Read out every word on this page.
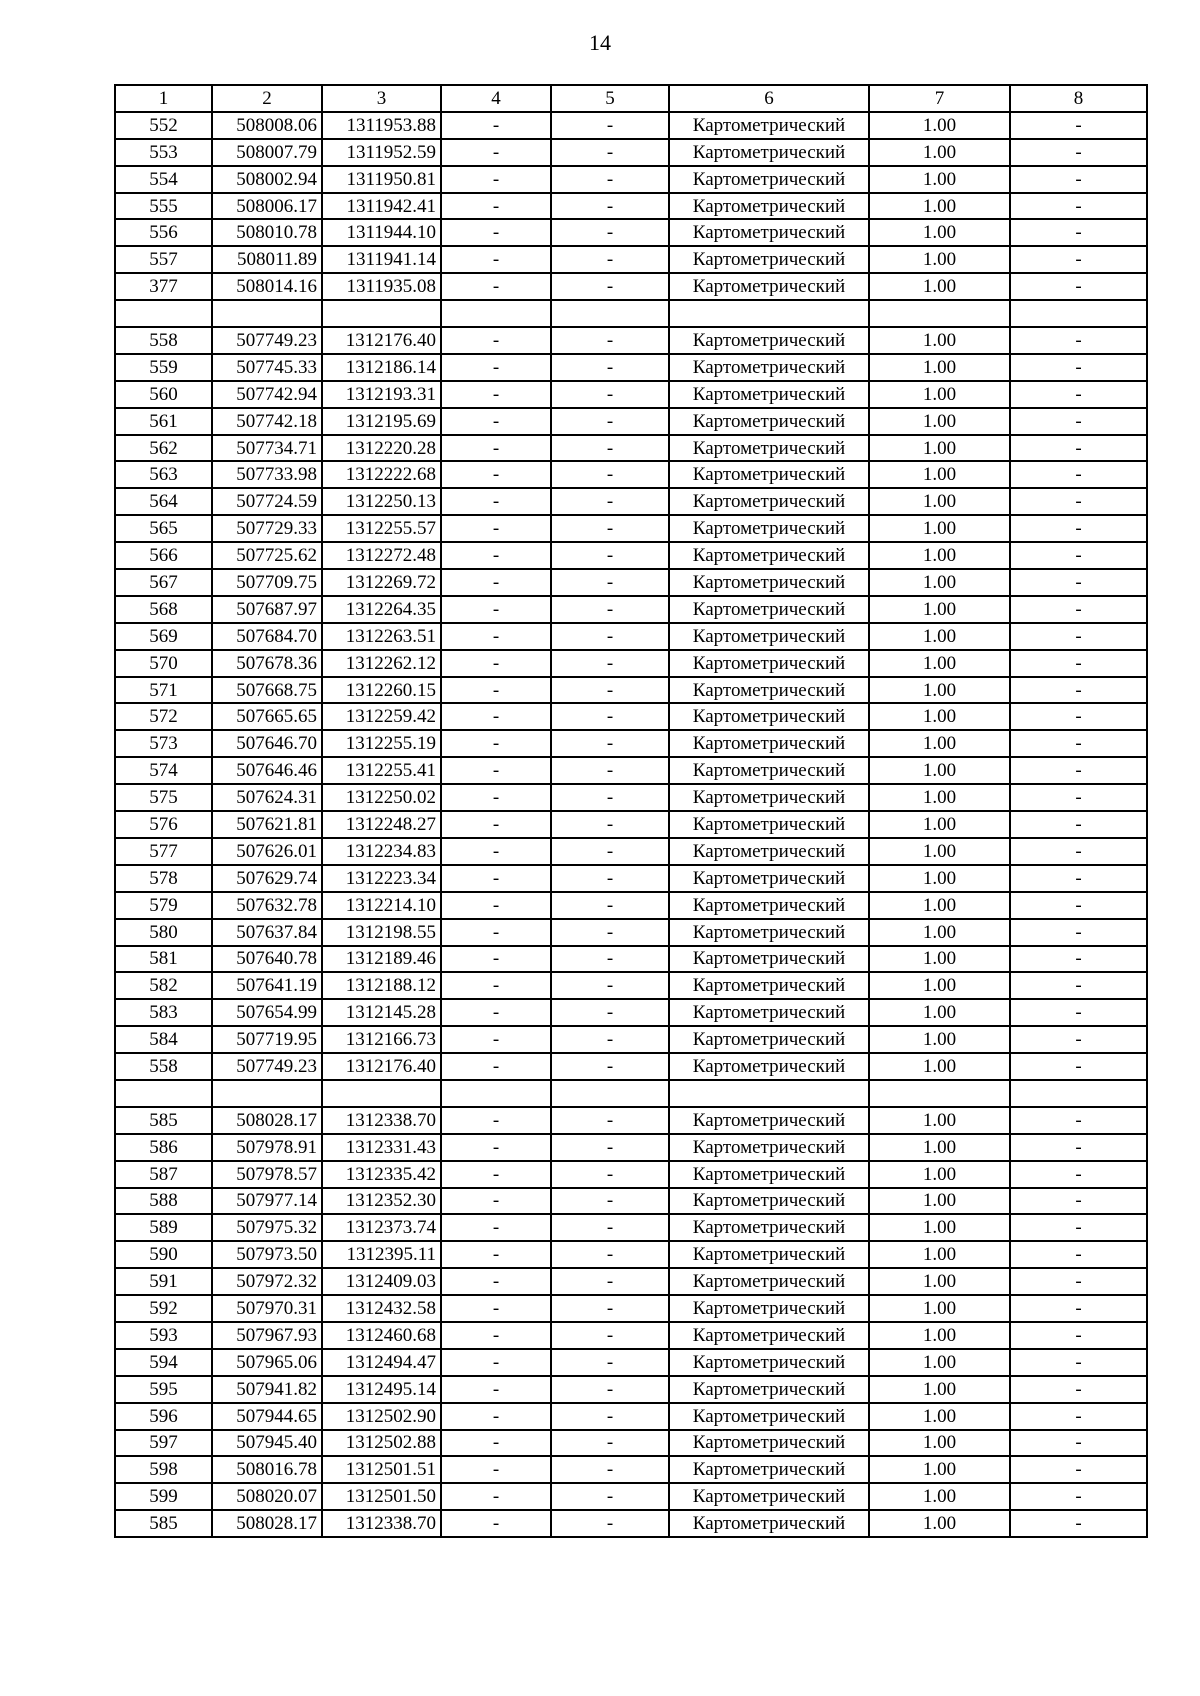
14
1	2	3	4	5	6	7	8
552	508008.06	1311953.88	-	-	Картометрический	1.00	-
553	508007.79	1311952.59	-	-	Картометрический	1.00	-
554	508002.94	1311950.81	-	-	Картометрический	1.00	-
555	508006.17	1311942.41	-	-	Картометрический	1.00	-
556	508010.78	1311944.10	-	-	Картометрический	1.00	-
557	508011.89	1311941.14	-	-	Картометрический	1.00	-
377	508014.16	1311935.08	-	-	Картометрический	1.00	-

558	507749.23	1312176.40	-	-	Картометрический	1.00	-
559	507745.33	1312186.14	-	-	Картометрический	1.00	-
560	507742.94	1312193.31	-	-	Картометрический	1.00	-
561	507742.18	1312195.69	-	-	Картометрический	1.00	-
562	507734.71	1312220.28	-	-	Картометрический	1.00	-
563	507733.98	1312222.68	-	-	Картометрический	1.00	-
564	507724.59	1312250.13	-	-	Картометрический	1.00	-
565	507729.33	1312255.57	-	-	Картометрический	1.00	-
566	507725.62	1312272.48	-	-	Картометрический	1.00	-
567	507709.75	1312269.72	-	-	Картометрический	1.00	-
568	507687.97	1312264.35	-	-	Картометрический	1.00	-
569	507684.70	1312263.51	-	-	Картометрический	1.00	-
570	507678.36	1312262.12	-	-	Картометрический	1.00	-
571	507668.75	1312260.15	-	-	Картометрический	1.00	-
572	507665.65	1312259.42	-	-	Картометрический	1.00	-
573	507646.70	1312255.19	-	-	Картометрический	1.00	-
574	507646.46	1312255.41	-	-	Картометрический	1.00	-
575	507624.31	1312250.02	-	-	Картометрический	1.00	-
576	507621.81	1312248.27	-	-	Картометрический	1.00	-
577	507626.01	1312234.83	-	-	Картометрический	1.00	-
578	507629.74	1312223.34	-	-	Картометрический	1.00	-
579	507632.78	1312214.10	-	-	Картометрический	1.00	-
580	507637.84	1312198.55	-	-	Картометрический	1.00	-
581	507640.78	1312189.46	-	-	Картометрический	1.00	-
582	507641.19	1312188.12	-	-	Картометрический	1.00	-
583	507654.99	1312145.28	-	-	Картометрический	1.00	-
584	507719.95	1312166.73	-	-	Картометрический	1.00	-
558	507749.23	1312176.40	-	-	Картометрический	1.00	-

585	508028.17	1312338.70	-	-	Картометрический	1.00	-
586	507978.91	1312331.43	-	-	Картометрический	1.00	-
587	507978.57	1312335.42	-	-	Картометрический	1.00	-
588	507977.14	1312352.30	-	-	Картометрический	1.00	-
589	507975.32	1312373.74	-	-	Картометрический	1.00	-
590	507973.50	1312395.11	-	-	Картометрический	1.00	-
591	507972.32	1312409.03	-	-	Картометрический	1.00	-
592	507970.31	1312432.58	-	-	Картометрический	1.00	-
593	507967.93	1312460.68	-	-	Картометрический	1.00	-
594	507965.06	1312494.47	-	-	Картометрический	1.00	-
595	507941.82	1312495.14	-	-	Картометрический	1.00	-
596	507944.65	1312502.90	-	-	Картометрический	1.00	-
597	507945.40	1312502.88	-	-	Картометрический	1.00	-
598	508016.78	1312501.51	-	-	Картометрический	1.00	-
599	508020.07	1312501.50	-	-	Картометрический	1.00	-
585	508028.17	1312338.70	-	-	Картометрический	1.00	-
